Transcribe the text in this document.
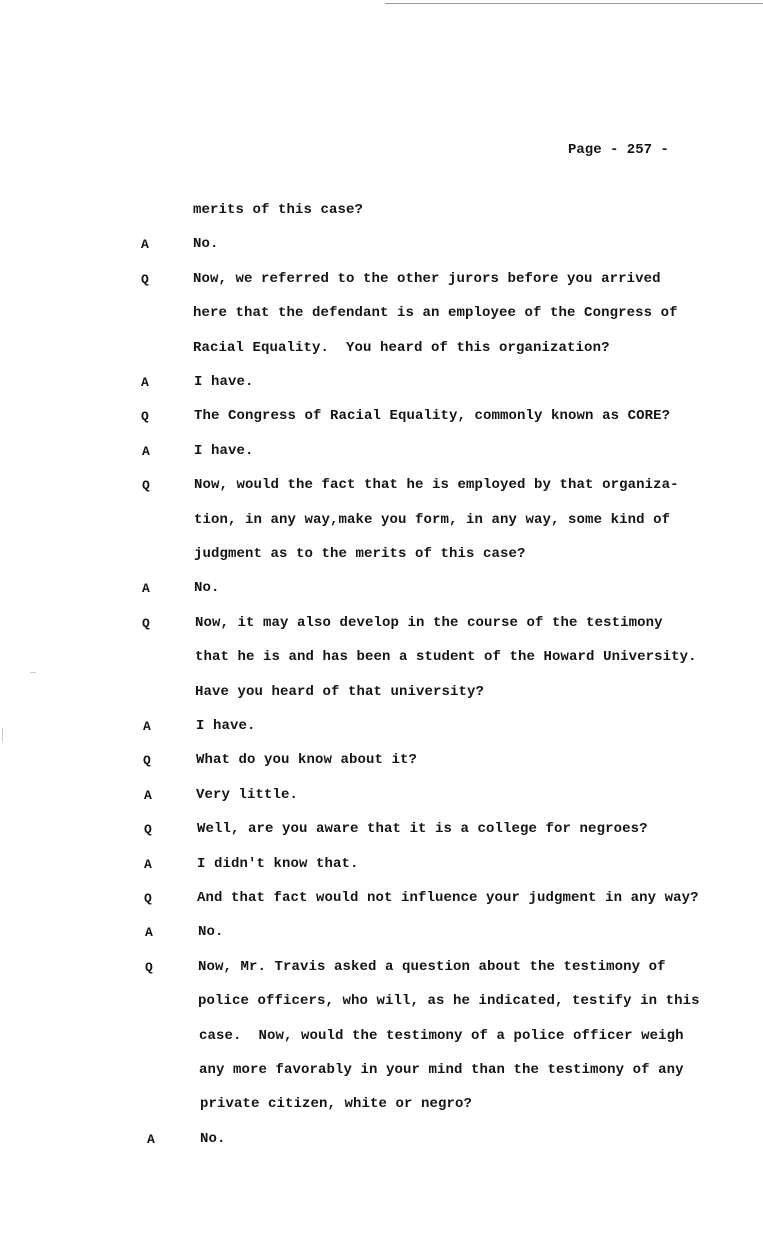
Page - 257 -
merits of this case?
A	No.
Q	Now, we referred to the other jurors before you arrived
here that the defendant is an employee of the Congress of
Racial Equality.  You heard of this organization?
A	I have.
Q	The Congress of Racial Equality, commonly known as CORE?
A	I have.
Q	Now, would the fact that he is employed by that organiza-
tion, in any way,make you form, in any way, some kind of
judgment as to the merits of this case?
A	No.
Q	Now, it may also develop in the course of the testimony
that he is and has been a student of the Howard University.
Have you heard of that university?
A	I have.
Q	What do you know about it?
A	Very little.
Q	Well, are you aware that it is a college for negroes?
A	I didn't know that.
Q	And that fact would not influence your judgment in any way?
A	No.
Q	Now, Mr. Travis asked a question about the testimony of
police officers, who will, as he indicated, testify in this
case.  Now, would the testimony of a police officer weigh
any more favorably in your mind than the testimony of any
private citizen, white or negro?
A	No.
